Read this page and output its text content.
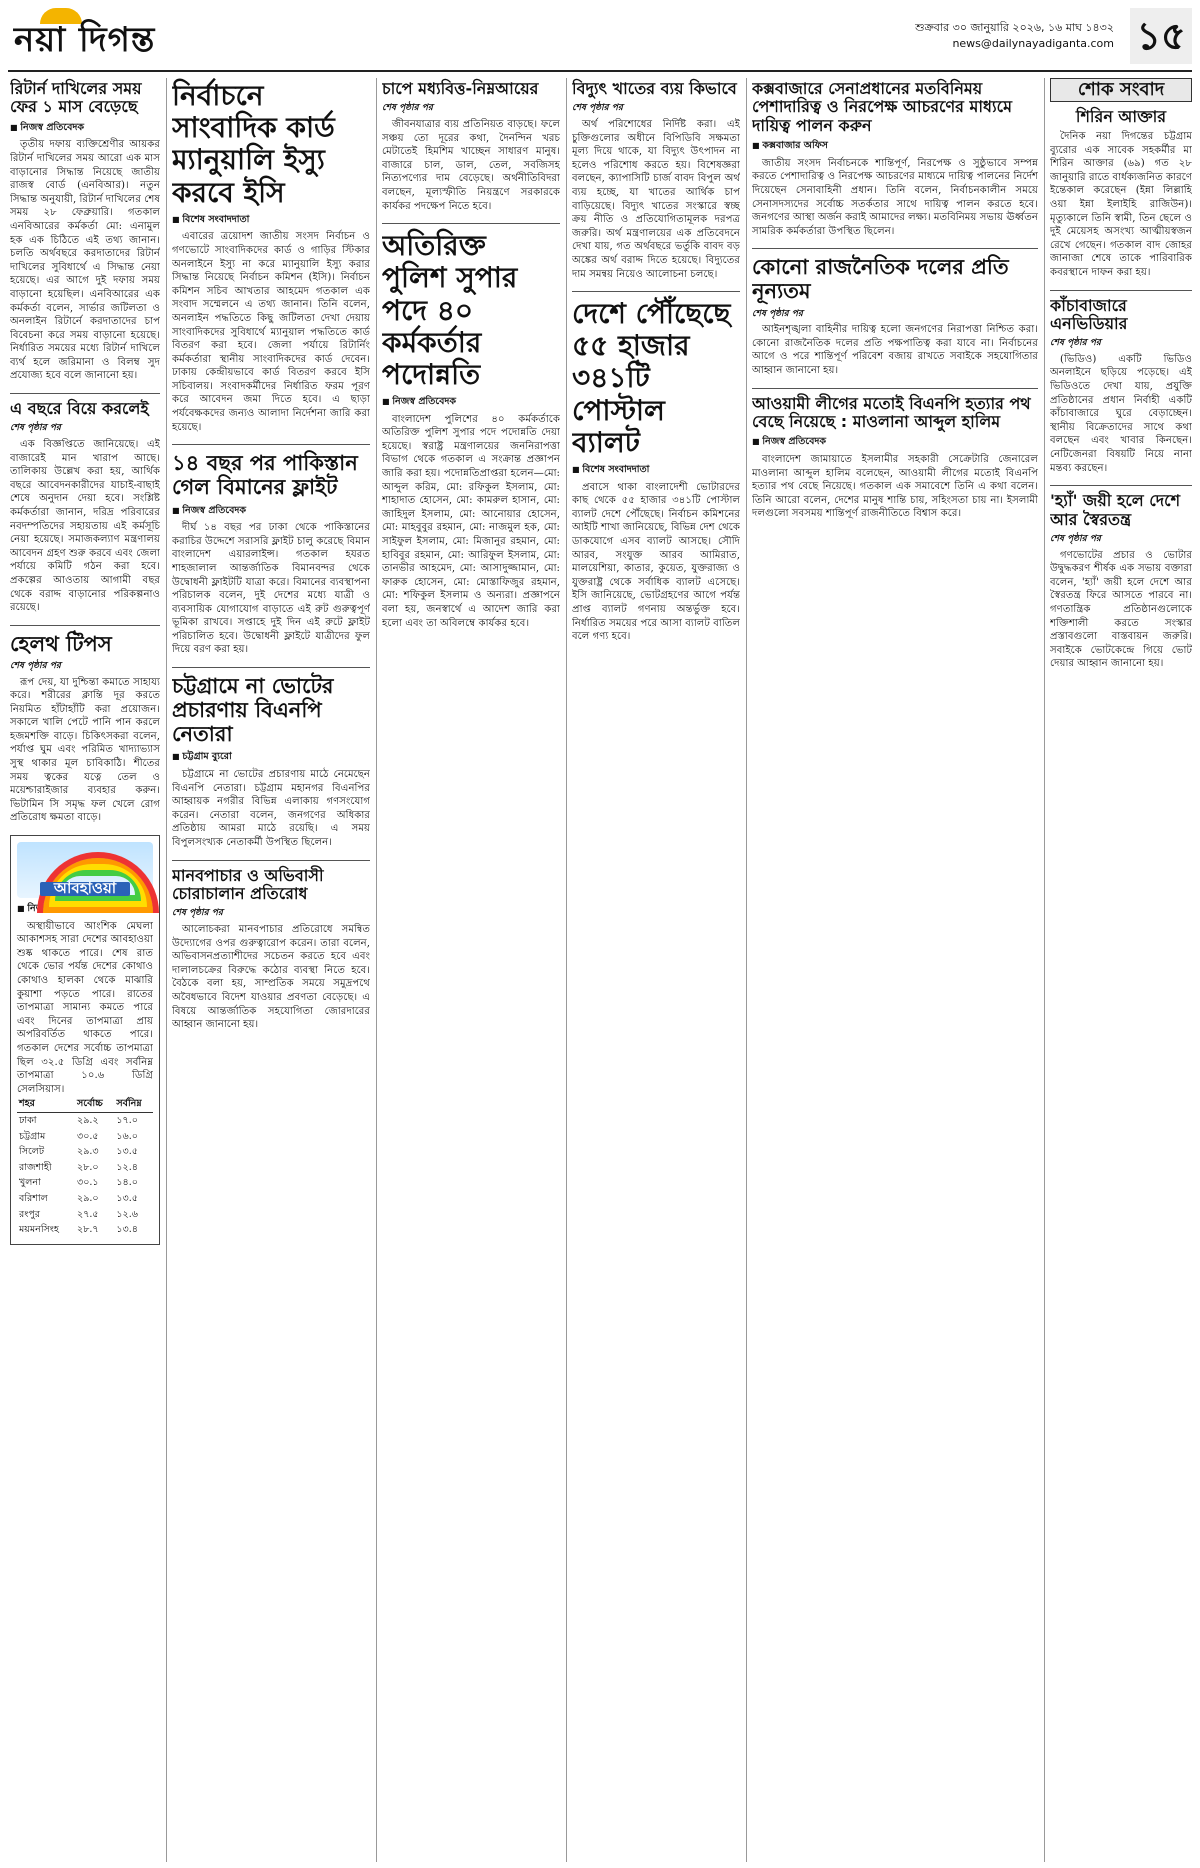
নয়া দিগন্ত	শুক্রবার ৩০ জানুয়ারি ২০২৬, ১৬ মাঘ ১৪৩২
news@dailynayadiganta.com ১৫
রিটার্ন দাখিলের সময় ফের ১ মাস বেড়েছে
■ নিজস্ব প্রতিবেদক

তৃতীয় দফায় ব্যক্তিশ্রেণীর আয়কর রিটার্ন দাখিলের সময় আরো এক মাস বাড়ানোর সিদ্ধান্ত নিয়েছে জাতীয় রাজস্ব বোর্ড (এনবিআর)। নতুন সিদ্ধান্ত অনুযায়ী, রিটার্ন দাখিলের শেষ সময় ২৮ ফেব্রুয়ারি। গতকাল এনবিআরের কর্মকর্তা মো: এনামুল হক এক চিঠিতে এই তথ্য জানান। চলতি অর্থবছরে করদাতাদের রিটার্ন দাখিলের সুবিধার্থে এ সিদ্ধান্ত নেয়া হয়েছে। এর আগে দুই দফায় সময় বাড়ানো হয়েছিল। এনবিআরের এক কর্মকর্তা বলেন, সার্ভার জটিলতা ও অনলাইন রিটার্নে করদাতাদের চাপ বিবেচনা করে সময় বাড়ানো হয়েছে। নির্ধারিত সময়ের মধ্যে রিটার্ন দাখিলে ব্যর্থ হলে জরিমানা ও বিলম্ব সুদ প্রযোজ্য হবে বলে জানানো হয়।

এ বছরে বিয়ে করলেই
শেষ পৃষ্ঠার পর

এক বিজ্ঞপ্তিতে জানিয়েছে। এই বাজারেই মান খারাপ আছে। তালিকায় উল্লেখ করা হয়, আর্থিক বছরে আবেদনকারীদের যাচাই-বাছাই শেষে অনুদান দেয়া হবে। সংশ্লিষ্ট কর্মকর্তারা জানান, দরিদ্র পরিবারের নবদম্পতিদের সহায়তায় এই কর্মসূচি নেয়া হয়েছে। সমাজকল্যাণ মন্ত্রণালয় আবেদন গ্রহণ শুরু করবে এবং জেলা পর্যায়ে কমিটি গঠন করা হবে। প্রকল্পের আওতায় আগামী বছর থেকে বরাদ্দ বাড়ানোর পরিকল্পনাও রয়েছে।

হেলথ টিপস
শেষ পৃষ্ঠার পর

রূপ দেয়, যা দুশ্চিন্তা কমাতে সাহায্য করে। শরীরের ক্লান্তি দূর করতে নিয়মিত হাঁটাহাঁটি করা প্রয়োজন। সকালে খালি পেটে পানি পান করলে হজমশক্তি বাড়ে। চিকিৎসকরা বলেন, পর্যাপ্ত ঘুম এবং পরিমিত খাদ্যাভ্যাস সুস্থ থাকার মূল চাবিকাঠি। শীতের সময় ত্বকের যত্নে তেল ও ময়েশ্চারাইজার ব্যবহার করুন। ভিটামিন সি সমৃদ্ধ ফল খেলে রোগ প্রতিরোধ ক্ষমতা বাড়ে।

আবহাওয়া
■ নিজস্ব প্রতিবেদক

অস্থায়ীভাবে আংশিক মেঘলা আকাশসহ সারা দেশের আবহাওয়া শুষ্ক থাকতে পারে। শেষ রাত থেকে ভোর পর্যন্ত দেশের কোথাও কোথাও হালকা থেকে মাঝারি কুয়াশা পড়তে পারে। রাতের তাপমাত্রা সামান্য কমতে পারে এবং দিনের তাপমাত্রা প্রায় অপরিবর্তিত থাকতে পারে। গতকাল দেশের সর্বোচ্চ তাপমাত্রা ছিল ৩২.৫ ডিগ্রি এবং সর্বনিম্ন তাপমাত্রা ১০.৬ ডিগ্রি সেলসিয়াস।

শহর	সর্বোচ্চ	সর্বনিম্ন
ঢাকা	২৯.২	১৭.০
চট্টগ্রাম	৩০.৫	১৬.০
সিলেট	২৯.৩	১৩.৫
রাজশাহী	২৮.০	১২.৪
খুলনা	৩০.১	১৪.০
বরিশাল	২৯.০	১৩.৫
রংপুর	২৭.৫	১২.৬
ময়মনসিংহ	২৮.৭	১৩.৪
নির্বাচনে সাংবাদিক কার্ড ম্যানুয়ালি ইস্যু করবে ইসি
■ বিশেষ সংবাদদাতা

এবারের ত্রয়োদশ জাতীয় সংসদ নির্বাচন ও গণভোটে সাংবাদিকদের কার্ড ও গাড়ির স্টিকার অনলাইনে ইস্যু না করে ম্যানুয়ালি ইস্যু করার সিদ্ধান্ত নিয়েছে নির্বাচন কমিশন (ইসি)। নির্বাচন কমিশন সচিব আখতার আহমেদ গতকাল এক সংবাদ সম্মেলনে এ তথ্য জানান। তিনি বলেন, অনলাইন পদ্ধতিতে কিছু জটিলতা দেখা দেয়ায় সাংবাদিকদের সুবিধার্থে ম্যানুয়াল পদ্ধতিতে কার্ড বিতরণ করা হবে। জেলা পর্যায়ে রিটার্নিং কর্মকর্তারা স্থানীয় সাংবাদিকদের কার্ড দেবেন। ঢাকায় কেন্দ্রীয়ভাবে কার্ড বিতরণ করবে ইসি সচিবালয়। সংবাদকর্মীদের নির্ধারিত ফরম পূরণ করে আবেদন জমা দিতে হবে। এ ছাড়া পর্যবেক্ষকদের জন্যও আলাদা নির্দেশনা জারি করা হয়েছে।

১৪ বছর পর পাকিস্তান গেল বিমানের ফ্লাইট
■ নিজস্ব প্রতিবেদক

দীর্ঘ ১৪ বছর পর ঢাকা থেকে পাকিস্তানের করাচির উদ্দেশে সরাসরি ফ্লাইট চালু করেছে বিমান বাংলাদেশ এয়ারলাইন্স। গতকাল হযরত শাহজালাল আন্তর্জাতিক বিমানবন্দর থেকে উদ্বোধনী ফ্লাইটটি যাত্রা করে। বিমানের ব্যবস্থাপনা পরিচালক বলেন, দুই দেশের মধ্যে যাত্রী ও ব্যবসায়িক যোগাযোগ বাড়াতে এই রুট গুরুত্বপূর্ণ ভূমিকা রাখবে। সপ্তাহে দুই দিন এই রুটে ফ্লাইট পরিচালিত হবে। উদ্বোধনী ফ্লাইটে যাত্রীদের ফুল দিয়ে বরণ করা হয়।

চট্টগ্রামে না ভোটের প্রচারণায় বিএনপি নেতারা
■ চট্টগ্রাম ব্যুরো

চট্টগ্রামে না ভোটের প্রচারণায় মাঠে নেমেছেন বিএনপি নেতারা। চট্টগ্রাম মহানগর বিএনপির আহ্বায়ক নগরীর বিভিন্ন এলাকায় গণসংযোগ করেন। নেতারা বলেন, জনগণের অধিকার প্রতিষ্ঠায় আমরা মাঠে রয়েছি। এ সময় বিপুলসংখ্যক নেতাকর্মী উপস্থিত ছিলেন।

মানবপাচার ও অভিবাসী চোরাচালান প্রতিরোধ
শেষ পৃষ্ঠার পর

আলোচকরা মানবপাচার প্রতিরোধে সমন্বিত উদ্যোগের ওপর গুরুত্বারোপ করেন। তারা বলেন, অভিবাসনপ্রত্যাশীদের সচেতন করতে হবে এবং দালালচক্রের বিরুদ্ধে কঠোর ব্যবস্থা নিতে হবে। বৈঠকে বলা হয়, সাম্প্রতিক সময়ে সমুদ্রপথে অবৈধভাবে বিদেশ যাওয়ার প্রবণতা বেড়েছে। এ বিষয়ে আন্তর্জাতিক সহযোগিতা জোরদারের আহ্বান জানানো হয়।

চাপে মধ্যবিত্ত-নিম্নআয়ের
শেষ পৃষ্ঠার পর

জীবনযাত্রার ব্যয় প্রতিনিয়ত বাড়ছে। ফলে সঞ্চয় তো দূরের কথা, দৈনন্দিন খরচ মেটাতেই হিমশিম খাচ্ছেন সাধারণ মানুষ। বাজারে চাল, ডাল, তেল, সবজিসহ নিত্যপণ্যের দাম বেড়েছে। অর্থনীতিবিদরা বলছেন, মূল্যস্ফীতি নিয়ন্ত্রণে সরকারকে কার্যকর পদক্ষেপ নিতে হবে।

অতিরিক্ত পুলিশ সুপার পদে ৪০ কর্মকর্তার পদোন্নতি
■ নিজস্ব প্রতিবেদক

বাংলাদেশ পুলিশের ৪০ কর্মকর্তাকে অতিরিক্ত পুলিশ সুপার পদে পদোন্নতি দেয়া হয়েছে। স্বরাষ্ট্র মন্ত্রণালয়ের জননিরাপত্তা বিভাগ থেকে গতকাল এ সংক্রান্ত প্রজ্ঞাপন জারি করা হয়। পদোন্নতিপ্রাপ্তরা হলেন—মো: আব্দুল করিম, মো: রফিকুল ইসলাম, মো: শাহাদাত হোসেন, মো: কামরুল হাসান, মো: জাহিদুল ইসলাম, মো: আনোয়ার হোসেন, মো: মাহবুবুর রহমান, মো: নাজমুল হক, মো: সাইফুল ইসলাম, মো: মিজানুর রহমান, মো: হাবিবুর রহমান, মো: আরিফুল ইসলাম, মো: তানভীর আহমেদ, মো: আসাদুজ্জামান, মো: ফারুক হোসেন, মো: মোস্তাফিজুর রহমান, মো: শফিকুল ইসলাম ও অন্যরা। প্রজ্ঞাপনে বলা হয়, জনস্বার্থে এ আদেশ জারি করা হলো এবং তা অবিলম্বে কার্যকর হবে।

বিদ্যুৎ খাতের ব্যয় কিভাবে
শেষ পৃষ্ঠার পর

অর্থ পরিশোধের নির্দিষ্ট করা। এই চুক্তিগুলোর অধীনে বিপিডিবি সক্ষমতা মূল্য দিয়ে থাকে, যা বিদ্যুৎ উৎপাদন না হলেও পরিশোধ করতে হয়। বিশেষজ্ঞরা বলছেন, ক্যাপাসিটি চার্জ বাবদ বিপুল অর্থ ব্যয় হচ্ছে, যা খাতের আর্থিক চাপ বাড়িয়েছে। বিদ্যুৎ খাতের সংস্কারে স্বচ্ছ ক্রয় নীতি ও প্রতিযোগিতামূলক দরপত্র জরুরি। অর্থ মন্ত্রণালয়ের এক প্রতিবেদনে দেখা যায়, গত অর্থবছরে ভর্তুকি বাবদ বড় অঙ্কের অর্থ বরাদ্দ দিতে হয়েছে। বিদ্যুতের দাম সমন্বয় নিয়েও আলোচনা চলছে।

দেশে পৌঁছেছে ৫৫ হাজার ৩৪১টি পোস্টাল ব্যালট
■ বিশেষ সংবাদদাতা

প্রবাসে থাকা বাংলাদেশী ভোটারদের কাছ থেকে ৫৫ হাজার ৩৪১টি পোস্টাল ব্যালট দেশে পৌঁছেছে। নির্বাচন কমিশনের আইটি শাখা জানিয়েছে, বিভিন্ন দেশ থেকে ডাকযোগে এসব ব্যালট আসছে। সৌদি আরব, সংযুক্ত আরব আমিরাত, মালয়েশিয়া, কাতার, কুয়েত, যুক্তরাজ্য ও যুক্তরাষ্ট্র থেকে সর্বাধিক ব্যালট এসেছে। ইসি জানিয়েছে, ভোটগ্রহণের আগে পর্যন্ত প্রাপ্ত ব্যালট গণনায় অন্তর্ভুক্ত হবে। নির্ধারিত সময়ের পরে আসা ব্যালট বাতিল বলে গণ্য হবে।

কক্সবাজারে সেনাপ্রধানের মতবিনিময় পেশাদারিত্ব ও নিরপেক্ষ আচরণের মাধ্যমে দায়িত্ব পালন করুন
■ কক্সবাজার অফিস

জাতীয় সংসদ নির্বাচনকে শান্তিপূর্ণ, নিরপেক্ষ ও সুষ্ঠুভাবে সম্পন্ন করতে পেশাদারিত্ব ও নিরপেক্ষ আচরণের মাধ্যমে দায়িত্ব পালনের নির্দেশ দিয়েছেন সেনাবাহিনী প্রধান। তিনি বলেন, নির্বাচনকালীন সময়ে সেনাসদস্যদের সর্বোচ্চ সতর্কতার সাথে দায়িত্ব পালন করতে হবে। জনগণের আস্থা অর্জন করাই আমাদের লক্ষ্য। মতবিনিময় সভায় ঊর্ধ্বতন সামরিক কর্মকর্তারা উপস্থিত ছিলেন।

কোনো রাজনৈতিক দলের প্রতি নূন্যতম
শেষ পৃষ্ঠার পর

আইনশৃঙ্খলা বাহিনীর দায়িত্ব হলো জনগণের নিরাপত্তা নিশ্চিত করা। কোনো রাজনৈতিক দলের প্রতি পক্ষপাতিত্ব করা যাবে না। নির্বাচনের আগে ও পরে শান্তিপূর্ণ পরিবেশ বজায় রাখতে সবাইকে সহযোগিতার আহ্বান জানানো হয়।

আওয়ামী লীগের মতোই বিএনপি হত্যার পথ বেছে নিয়েছে : মাওলানা আব্দুল হালিম
■ নিজস্ব প্রতিবেদক

বাংলাদেশ জামায়াতে ইসলামীর সহকারী সেক্রেটারি জেনারেল মাওলানা আব্দুল হালিম বলেছেন, আওয়ামী লীগের মতোই বিএনপি হত্যার পথ বেছে নিয়েছে। গতকাল এক সমাবেশে তিনি এ কথা বলেন। তিনি আরো বলেন, দেশের মানুষ শান্তি চায়, সহিংসতা চায় না। ইসলামী দলগুলো সবসময় শান্তিপূর্ণ রাজনীতিতে বিশ্বাস করে।

শোক সংবাদ
শিরিন আক্তার

দৈনিক নয়া দিগন্তের চট্টগ্রাম ব্যুরোর এক সাবেক সহকর্মীর মা শিরিন আক্তার (৬৯) গত ২৮ জানুয়ারি রাতে বার্ধক্যজনিত কারণে ইন্তেকাল করেছেন (ইন্না লিল্লাহি ওয়া ইন্না ইলাইহি রাজিউন)। মৃত্যুকালে তিনি স্বামী, তিন ছেলে ও দুই মেয়েসহ অসংখ্য আত্মীয়স্বজন রেখে গেছেন। গতকাল বাদ জোহর জানাজা শেষে তাকে পারিবারিক কবরস্থানে দাফন করা হয়।

কাঁচাবাজারে এনভিডিয়ার
শেষ পৃষ্ঠার পর

(ভিডিও) একটি ভিডিও অনলাইনে ছড়িয়ে পড়েছে। এই ভিডিওতে দেখা যায়, প্রযুক্তি প্রতিষ্ঠানের প্রধান নির্বাহী একটি কাঁচাবাজারে ঘুরে বেড়াচ্ছেন। স্থানীয় বিক্রেতাদের সাথে কথা বলছেন এবং খাবার কিনছেন। নেটিজেনরা বিষয়টি নিয়ে নানা মন্তব্য করছেন।

'হ্যাঁ' জয়ী হলে দেশে আর স্বৈরতন্ত্র
শেষ পৃষ্ঠার পর

গণভোটের প্রচার ও ভোটার উদ্বুদ্ধকরণ শীর্ষক এক সভায় বক্তারা বলেন, 'হ্যাঁ' জয়ী হলে দেশে আর স্বৈরতন্ত্র ফিরে আসতে পারবে না। গণতান্ত্রিক প্রতিষ্ঠানগুলোকে শক্তিশালী করতে সংস্কার প্রস্তাবগুলো বাস্তবায়ন জরুরি। সবাইকে ভোটকেন্দ্রে গিয়ে ভোট দেয়ার আহ্বান জানানো হয়।
